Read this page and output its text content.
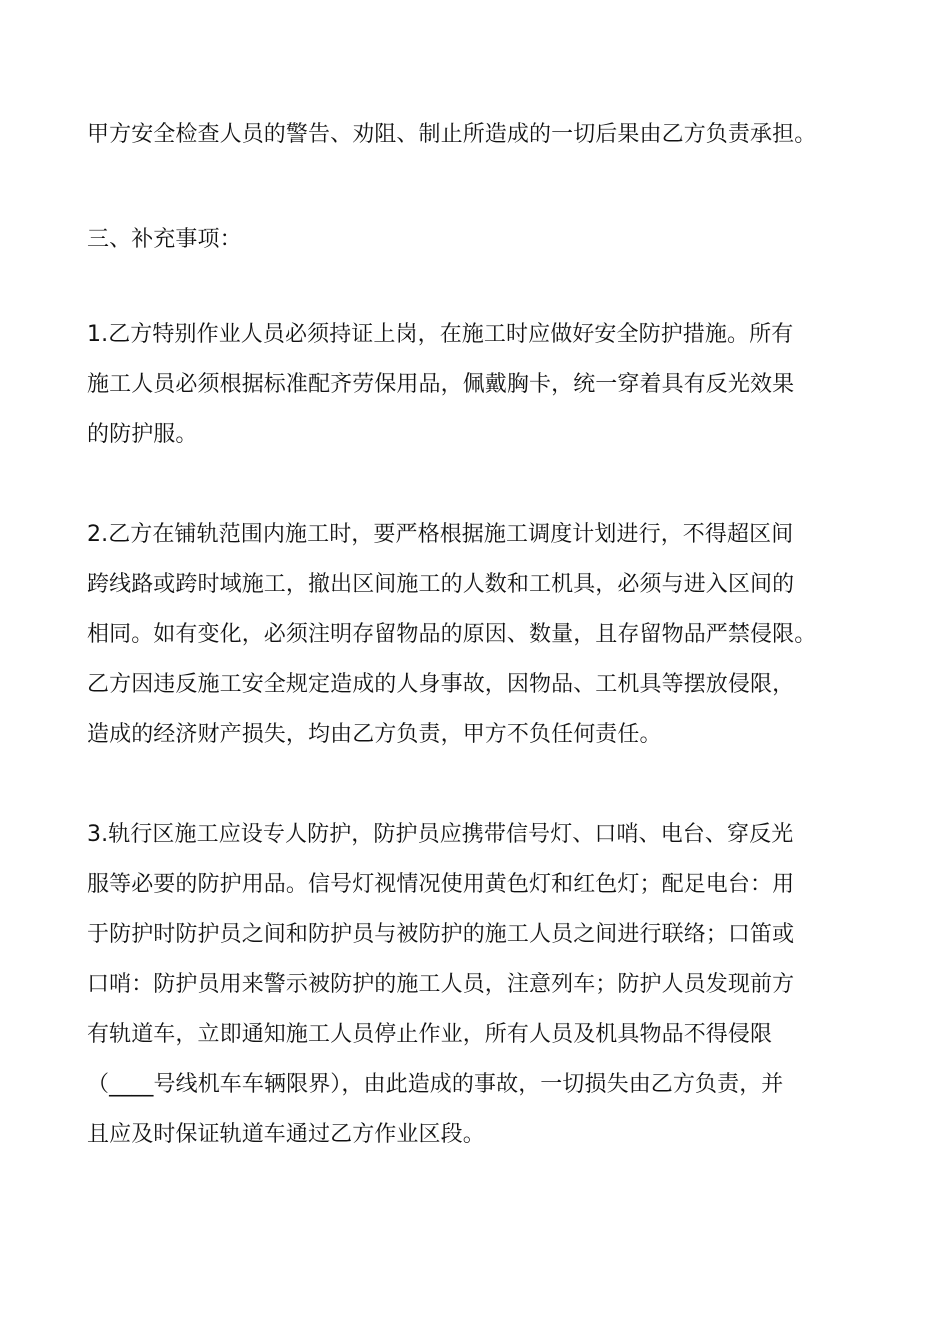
甲方安全检查人员的警告、劝阻、制止所造成的一切后果由乙方负责承担。
三、补充事项：
1.乙方特别作业人员必须持证上岗，在施工时应做好安全防护措施。所有
施工人员必须根据标准配齐劳保用品，佩戴胸卡，统一穿着具有反光效果
的防护服。
2.乙方在铺轨范围内施工时，要严格根据施工调度计划进行，不得超区间
跨线路或跨时域施工，撤出区间施工的人数和工机具，必须与进入区间的
相同。如有变化，必须注明存留物品的原因、数量，且存留物品严禁侵限。
乙方因违反施工安全规定造成的人身事故，因物品、工机具等摆放侵限，
造成的经济财产损失，均由乙方负责，甲方不负任何责任。
3.轨行区施工应设专人防护，防护员应携带信号灯、口哨、电台、穿反光
服等必要的防护用品。信号灯视情况使用黄色灯和红色灯；配足电台：用
于防护时防护员之间和防护员与被防护的施工人员之间进行联络；口笛或
口哨：防护员用来警示被防护的施工人员，注意列车；防护人员发现前方
有轨道车，立即通知施工人员停止作业，所有人员及机具物品不得侵限
（____号线机车车辆限界），由此造成的事故，一切损失由乙方负责，并
且应及时保证轨道车通过乙方作业区段。
